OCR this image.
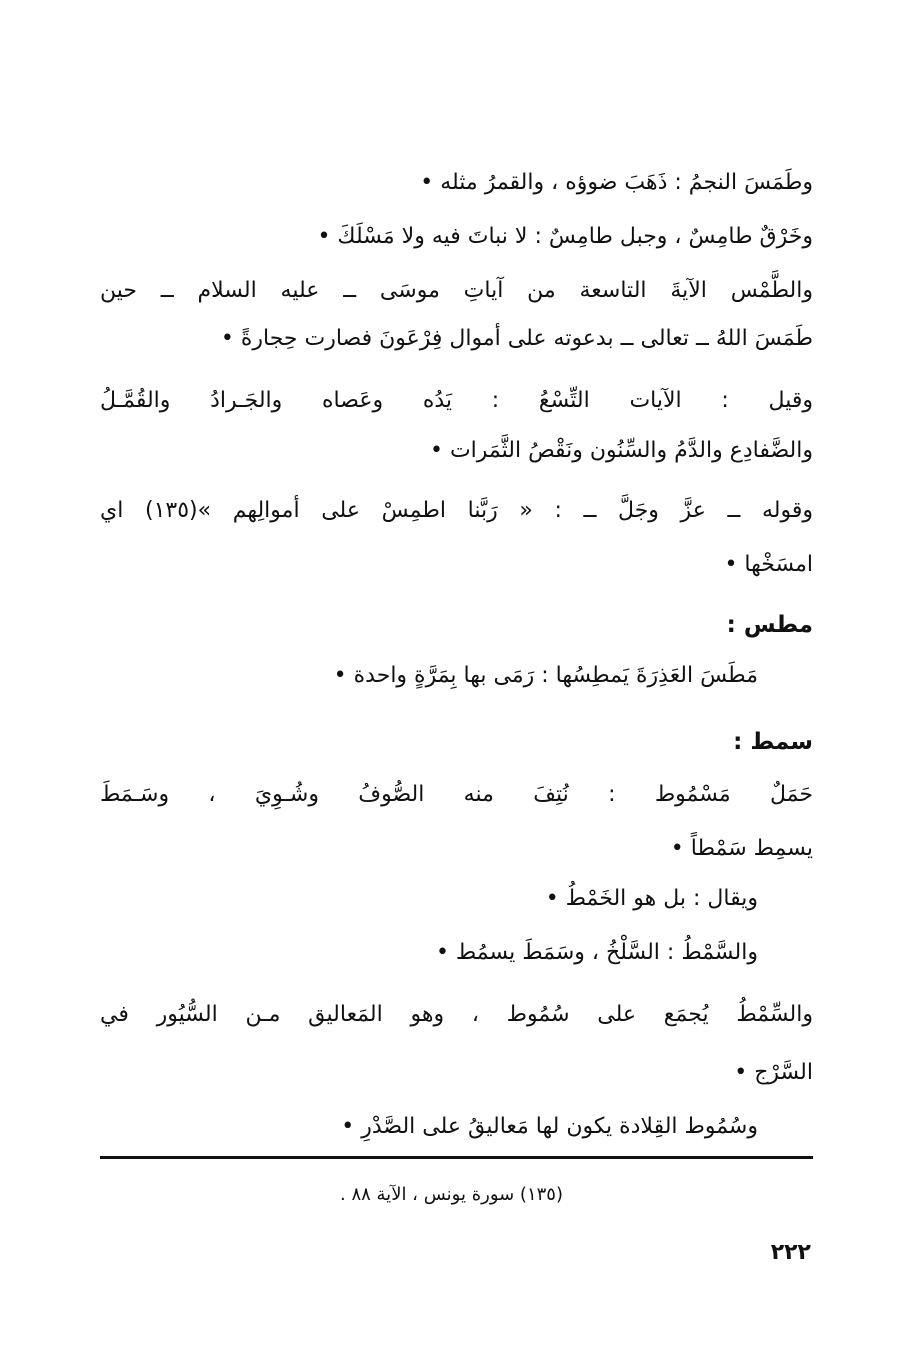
وطَمَسَ النجمُ : ذَهَبَ ضوؤه ، والقمرُ مثله •
وخَرْقٌ طامِسٌ ، وجبل طامِسٌ : لا نباتَ فيه ولا مَسْلَكَ •
والطَّمْس الآيةَ التاسعة من آياتِ موسَى ــ عليه السلام ــ حين
طَمَسَ اللهُ ــ تعالى ــ بدعوته على أموال فِرْعَونَ فصارت حِجارةً •
وقيل : الآيات التِّسْعُ : يَدُه وعَصاه والجَـرادُ والقُمَّـلُ
والضَّفادِع والدَّمُ والسِّنُون ونَقْصُ الثَّمَرات •
وقوله ــ عزَّ وجَلَّ ــ : « رَبَّنا اطمِسْ على أموالِهم »(١٣٥) اي
امسَخْها •
مطس :
مَطَسَ العَذِرَةَ يَمطِسُها : رَمَى بها بِمَرَّةٍ واحدة •
سمط :
حَمَلٌ مَسْمُوط : نُتِفَ منه الصُّوفُ وشُـوِيَ ، وسَـمَطَ
يسمِط سَمْطاً •
ويقال : بل هو الخَمْطُ •
والسَّمْطُ : السَّلْخُ ، وسَمَطَ يسمُط •
والسِّمْطُ يُجمَع على سُمُوط ، وهو المَعاليق مـن السُّيُور في
السَّرْج •
وسُمُوط القِلادة يكون لها مَعاليقُ على الصَّدْرِ •
(١٣٥) سورة يونس ، الآية ٨٨ .
٢٢٢
